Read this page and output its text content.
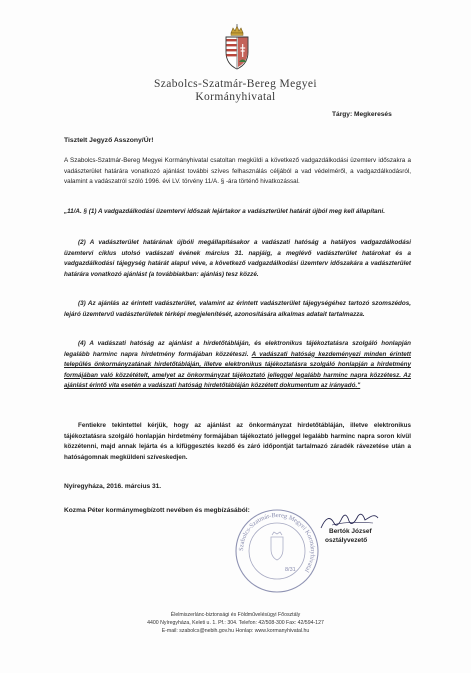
Szabolcs-Szatmár-Bereg Megyei
Kormányhivatal
Tárgy: Megkeresés
Tisztelt Jegyző Asszony/Úr!
A Szabolcs-Szatmár-Bereg Megyei Kormányhivatal csatoltan megküldi a következő vadgazdálkodási üzemterv időszakra a vadászterület határára vonatkozó ajánlást további szíves felhasználás céljából a vad védelméről, a vadgazdálkodásról, valamint a vadászatról szóló 1996. évi LV. törvény 11/A. § -ára történő hivatkozással.
„11/A. § (1) A vadgazdálkodási üzemtervi időszak lejártakor a vadászterület határát újból meg kell állapítani.
(2) A vadászterület határának újbóli megállapításakor a vadászati hatóság a hatályos vadgazdálkodási üzemtervi ciklus utolsó vadászati évének március 31. napjáig, a meglévő vadászterület határokat és a vadgazdálkodási tájegység határát alapul véve, a következő vadgazdálkodási üzemterv időszakára a vadászterület határára vonatkozó ajánlást (a továbbiakban: ajánlás) tesz közzé.
(3) Az ajánlás az érintett vadászterület, valamint az érintett vadászterület tájegységéhez tartozó szomszédos, lejáró üzemtervű vadászterületek térképi megjelenítését, azonosítására alkalmas adatait tartalmazza.
(4) A vadászati hatóság az ajánlást a hirdetőtábláján, és elektronikus tájékoztatásra szolgáló honlapján legalább harminc napra hirdetmény formájában közzéteszi. A vadászati hatóság kezdeményezi minden érintett település önkormányzatának hirdetőtábláján, illetve elektronikus tájékoztatásra szolgáló honlapján a hirdetmény formájában való közzétételt, amelyet az önkormányzat tájékoztató jelleggel legalább harminc napra közzétesz. Az ajánlást érintő vita esetén a vadászati hatóság hirdetőtábláján közzétett dokumentum az irányadó."
Fentiekre tekintettel kérjük, hogy az ajánlást az önkormányzat hirdetőtábláján, illetve elektronikus tájékoztatásra szolgáló honlapján hirdetmény formájában tájékoztató jelleggel legalább harminc napra soron kívül közzétenni, majd annak lejárta és a kifüggesztés kezdő és záró időpontját tartalmazó záradék rávezetése után a hatóságomnak megküldeni szíveskedjen.
Nyíregyháza, 2016. március 31.
Kozma Péter kormánymegbízott nevében és megbízásából:
Szabolcs-Szatmár-Bereg Megyei Kormányhivatal
8/31
Bertók József
osztályvezető
Élelmiszerlánc-biztonsági és Földművelésügyi Főosztály
4400 Nyíregyháza, Keleti u. 1. Pf.: 304. Telefon: 42/508-300 Fax: 42/594-127
E-mail: szabolcs@nebih.gov.hu Honlap: www.kormanyhivatal.hu
